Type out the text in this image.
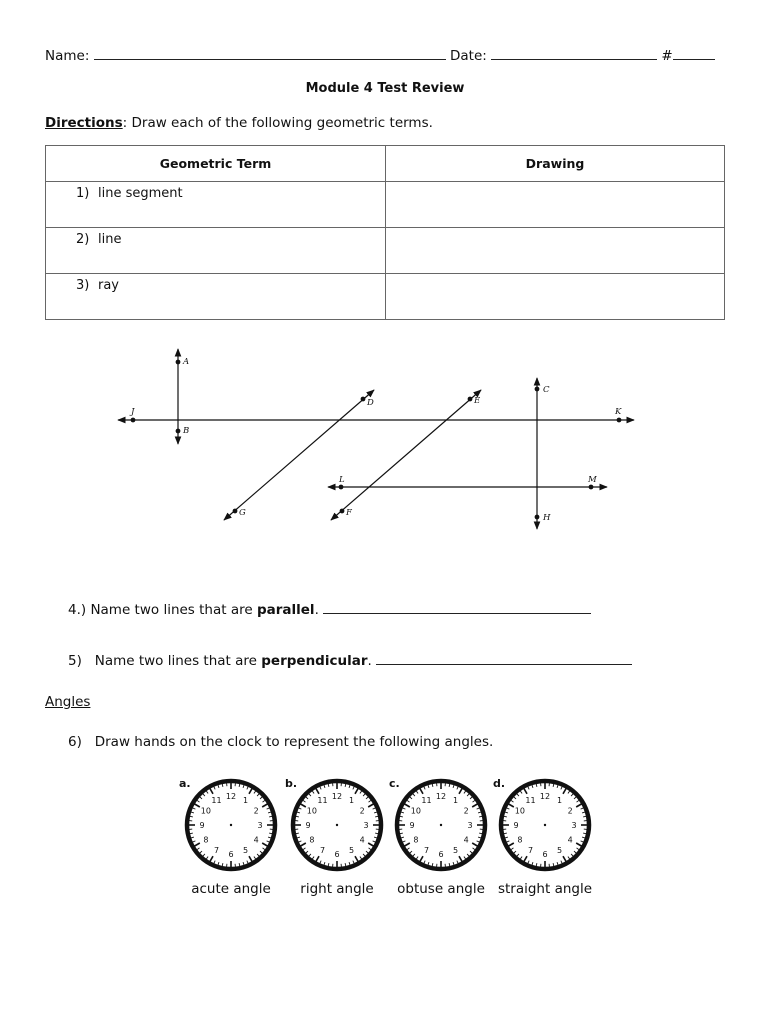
Name:	Date:	#
Module 4 Test Review
Directions: Draw each of the following geometric terms.
Geometric Term	Drawing
1) line segment	
2) line	
3) ray	
A
B
J	K
D	E
F
G
C
H
L	M
4.) Name two lines that are parallel.
5)   Name two lines that are perpendicular.
Angles
6)   Draw hands on the clock to represent the following angles.
12 1
2
3
4
5
6
7
8
9
10
11
a.
acute angle
12 1
2
3
4
5
6
7
8
9
10
11
b.
right angle
12 1
2
3
4
5
6
7
8
9
10
11
c.
obtuse angle
12 1
2
3
4
5
6
7
8
9
10
11
d.
straight angle
